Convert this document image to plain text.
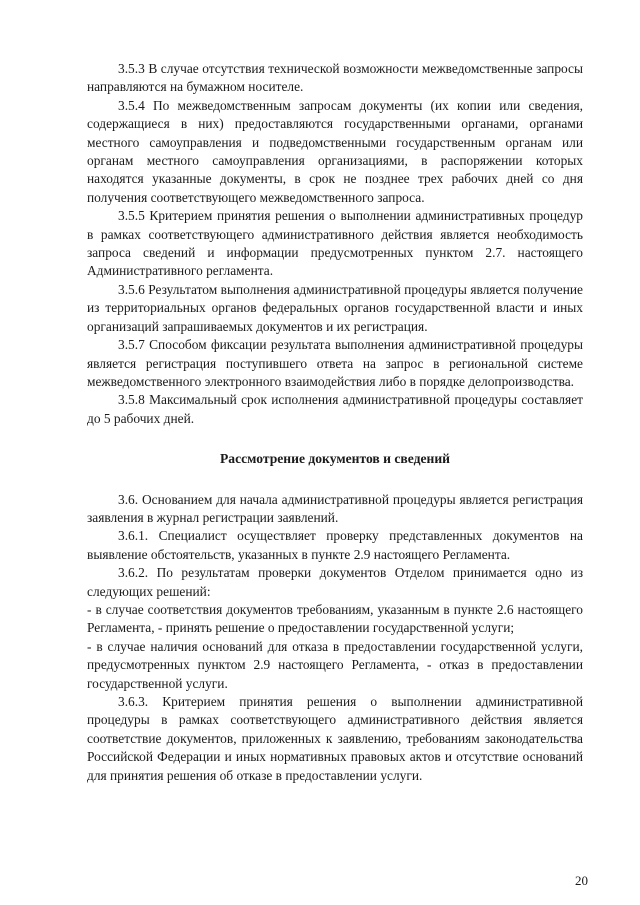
3.5.3 В случае отсутствия технической возможности межведомственные запросы направляются на бумажном носителе.

3.5.4 По межведомственным запросам документы (их копии или сведения, содержащиеся в них) предоставляются государственными органами, органами местного самоуправления и подведомственными государственным органам или органам местного самоуправления организациями, в распоряжении которых находятся указанные документы, в срок не позднее трех рабочих дней со дня получения соответствующего межведомственного запроса.

3.5.5 Критерием принятия решения о выполнении административных процедур в рамках соответствующего административного действия является необходимость запроса сведений и информации предусмотренных пунктом 2.7. настоящего Административного регламента.

3.5.6 Результатом выполнения административной процедуры является получение из территориальных органов федеральных органов государственной власти и иных организаций запрашиваемых документов и их регистрация.

3.5.7 Способом фиксации результата выполнения административной процедуры является регистрация поступившего ответа на запрос в региональной системе межведомственного электронного взаимодействия либо в порядке делопроизводства.

3.5.8 Максимальный срок исполнения административной процедуры составляет до 5 рабочих дней.

Рассмотрение документов и сведений

3.6. Основанием для начала административной процедуры является регистрация заявления в журнал регистрации заявлений.

3.6.1. Специалист осуществляет проверку представленных документов на выявление обстоятельств, указанных в пункте 2.9 настоящего Регламента.

3.6.2. По результатам проверки документов Отделом принимается одно из следующих решений:

- в случае соответствия документов требованиям, указанным в пункте 2.6 настоящего Регламента, - принять решение о предоставлении государственной услуги;

- в случае наличия оснований для отказа в предоставлении государственной услуги, предусмотренных пунктом 2.9 настоящего Регламента, - отказ в предоставлении государственной услуги.

3.6.3. Критерием принятия решения о выполнении административной процедуры в рамках соответствующего административного действия является соответствие документов, приложенных к заявлению, требованиям законодательства Российской Федерации и иных нормативных правовых актов и отсутствие оснований для принятия решения об отказе в предоставлении услуги.

20
